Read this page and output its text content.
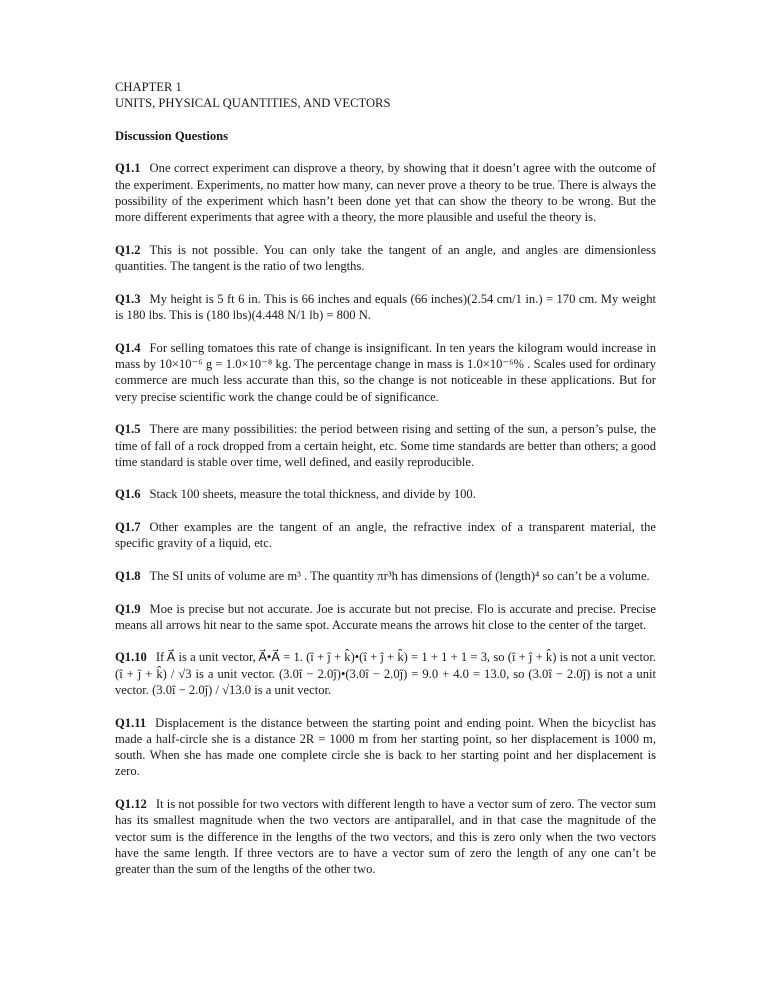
CHAPTER 1

UNITS, PHYSICAL QUANTITIES, AND VECTORS

Discussion Questions

Q1.1 One correct experiment can disprove a theory, by showing that it doesn’t agree with the outcome of the experiment. Experiments, no matter how many, can never prove a theory to be true. There is always the possibility of the experiment which hasn’t been done yet that can show the theory to be wrong. But the more different experiments that agree with a theory, the more plausible and useful the theory is.

Q1.2 This is not possible. You can only take the tangent of an angle, and angles are dimensionless quantities. The tangent is the ratio of two lengths.

Q1.3 My height is 5 ft 6 in. This is 66 inches and equals (66 inches)(2.54 cm/1 in.) = 170 cm. My weight is 180 lbs. This is (180 lbs)(4.448 N/1 lb) = 800 N.

Q1.4 For selling tomatoes this rate of change is insignificant. In ten years the kilogram would increase in mass by 10×10⁻⁶ g = 1.0×10⁻⁸ kg. The percentage change in mass is 1.0×10⁻⁶% . Scales used for ordinary commerce are much less accurate than this, so the change is not noticeable in these applications. But for very precise scientific work the change could be of significance.

Q1.5 There are many possibilities: the period between rising and setting of the sun, a person’s pulse, the time of fall of a rock dropped from a certain height, etc. Some time standards are better than others; a good time standard is stable over time, well defined, and easily reproducible.

Q1.6 Stack 100 sheets, measure the total thickness, and divide by 100.

Q1.7 Other examples are the tangent of an angle, the refractive index of a transparent material, the specific gravity of a liquid, etc.

Q1.8 The SI units of volume are m³ . The quantity πr³h has dimensions of (length)⁴ so can’t be a volume.

Q1.9 Moe is precise but not accurate. Joe is accurate but not precise. Flo is accurate and precise. Precise means all arrows hit near to the same spot. Accurate means the arrows hit close to the center of the target.

Q1.10 If A⃗ is a unit vector, A⃗•A⃗ = 1. (î + ĵ + k̂)•(î + ĵ + k̂) = 1 + 1 + 1 = 3, so (î + ĵ + k̂) is not a unit vector. (î + ĵ + k̂) / √3 is a unit vector. (3.0î − 2.0ĵ)•(3.0î − 2.0ĵ) = 9.0 + 4.0 = 13.0, so (3.0î − 2.0ĵ) is not a unit vector. (3.0î − 2.0ĵ) / √13.0 is a unit vector.

Q1.11 Displacement is the distance between the starting point and ending point. When the bicyclist has made a half-circle she is a distance 2R = 1000 m from her starting point, so her displacement is 1000 m, south. When she has made one complete circle she is back to her starting point and her displacement is zero.

Q1.12 It is not possible for two vectors with different length to have a vector sum of zero. The vector sum has its smallest magnitude when the two vectors are antiparallel, and in that case the magnitude of the vector sum is the difference in the lengths of the two vectors, and this is zero only when the two vectors have the same length. If three vectors are to have a vector sum of zero the length of any one can’t be greater than the sum of the lengths of the other two.
